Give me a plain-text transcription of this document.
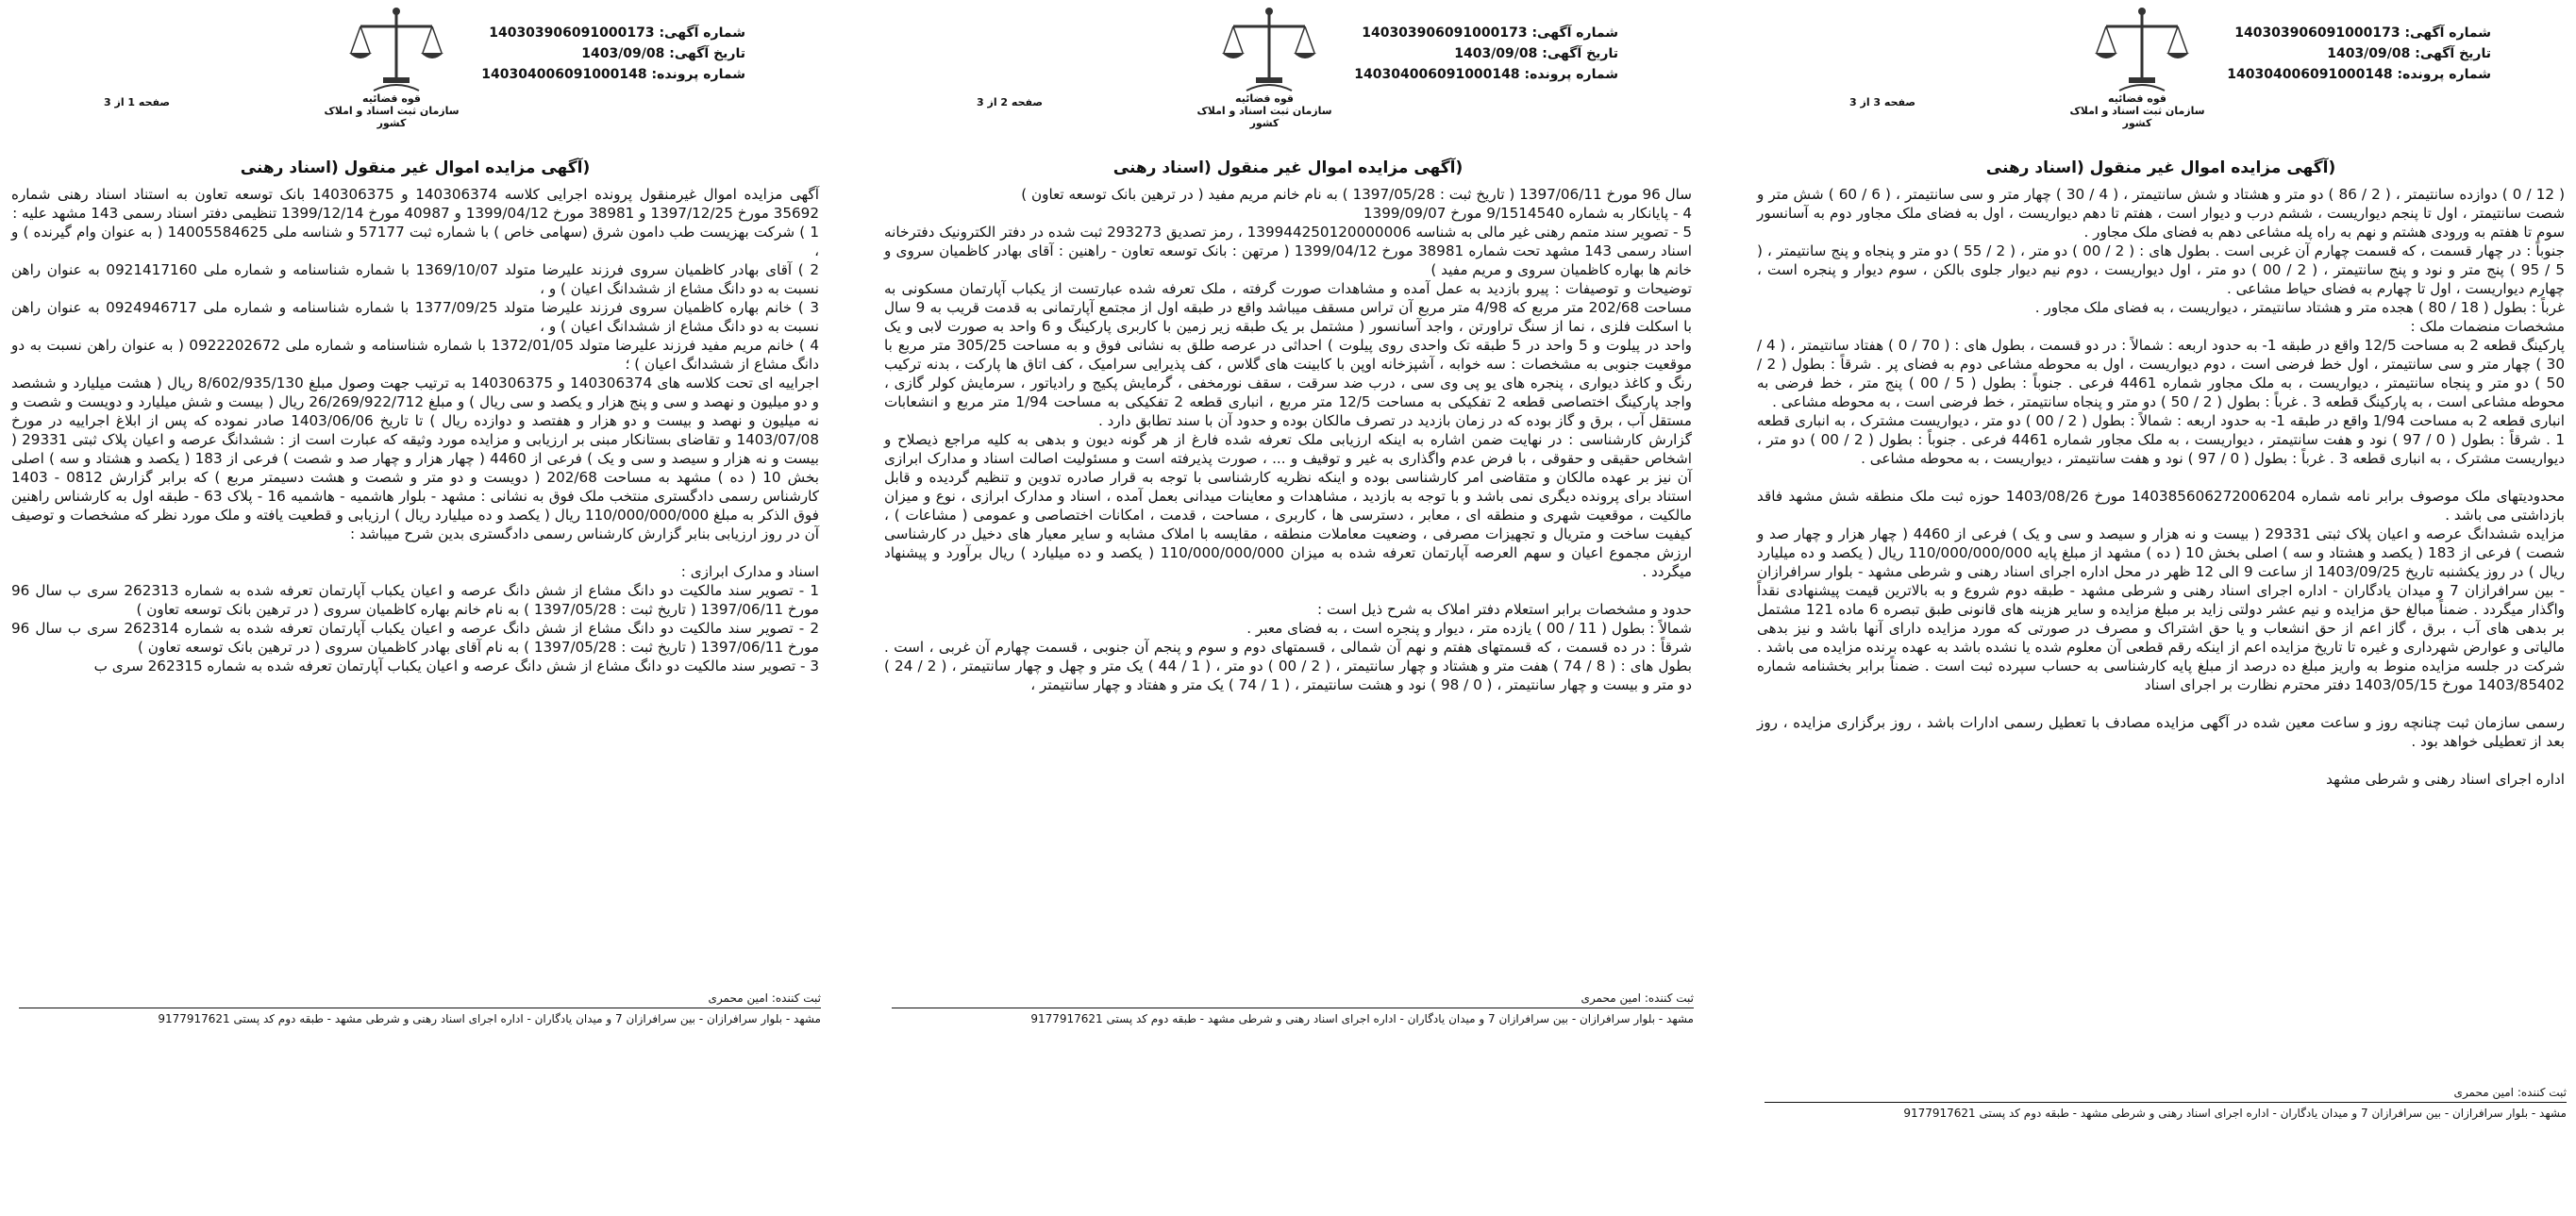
شماره آگهی: 140303906091000173
تاریخ آگهی: 1403/09/08
شماره پرونده: 140304006091000148
قوه قضائیه
سازمان ثبت اسناد و املاک کشور
صفحه 1 از 3
(آگهی مزایده اموال غیر منقول (اسناد رهنی

آگهی مزایده اموال غیرمنقول پرونده اجرایی کلاسه 140306374 و 140306375 بانک توسعه تعاون به استناد اسناد رهنی شماره 35692 مورخ 1397/12/25 و 38981 مورخ 1399/04/12 و 40987 مورخ 1399/12/14 تنظیمی دفتر اسناد رسمی 143 مشهد علیه :

1 ) شرکت بهزیست طب دامون شرق (سهامی خاص ) با شماره ثبت 57177 و شناسه ملی 14005584625 ( به عنوان وام گیرنده ) و ،

2 ) آقای بهادر کاظمیان سروی فرزند علیرضا متولد 1369/10/07 با شماره شناسنامه و شماره ملی 0921417160 به عنوان راهن نسبت به دو دانگ مشاع از ششدانگ اعیان ) و ،

3 ) خانم بهاره کاظمیان سروی فرزند علیرضا متولد 1377/09/25 با شماره شناسنامه و شماره ملی 0924946717 به عنوان راهن نسبت به دو دانگ مشاع از ششدانگ اعیان ) و ،

4 ) خانم مریم مفید فرزند علیرضا متولد 1372/01/05 با شماره شناسنامه و شماره ملی 0922202672 ( به عنوان راهن نسبت به دو دانگ مشاع از ششدانگ اعیان ) ؛

اجراییه ای تحت کلاسه های 140306374 و 140306375 به ترتیب جهت وصول مبلغ 8/602/935/130 ریال ( هشت میلیارد و ششصد و دو میلیون و نهصد و سی و پنج هزار و یکصد و سی ریال ) و مبلغ 26/269/922/712 ریال ( بیست و شش میلیارد و دویست و شصت و نه میلیون و نهصد و بیست و دو هزار و هفتصد و دوازده ریال ) تا تاریخ 1403/06/06 صادر نموده که پس از ابلاغ اجراییه در مورخ 1403/07/08 و تقاضای بستانکار مبنی بر ارزیابی و مزایده مورد وثیقه که عبارت است از : ششدانگ عرصه و اعیان پلاک ثبتی 29331 ( بیست و نه هزار و سیصد و سی و یک ) فرعی از 4460 ( چهار هزار و چهار صد و شصت ) فرعی از 183 ( یکصد و هشتاد و سه ) اصلی بخش 10 ( ده ) مشهد به مساحت 202/68 ( دویست و دو متر و شصت و هشت دسیمتر مربع ) که برابر گزارش 0812 - 1403 کارشناس رسمی دادگستری منتخب ملک فوق به نشانی : مشهد - بلوار هاشمیه - هاشمیه 16 - پلاک 63 - طبقه اول به کارشناس راهنین فوق الذکر به مبلغ 110/000/000/000 ریال ( یکصد و ده میلیارد ریال ) ارزیابی و قطعیت یافته و ملک مورد نظر که مشخصات و توصیف آن در روز ارزیابی بنابر گزارش کارشناس رسمی دادگستری بدین شرح میباشد :

اسناد و مدارک ابرازی :

1 - تصویر سند مالکیت دو دانگ مشاع از شش دانگ عرصه و اعیان یکباب آپارتمان تعرفه شده به شماره 262313 سری ب سال 96 مورخ 1397/06/11 ( تاریخ ثبت : 1397/05/28 ) به نام خانم بهاره کاظمیان سروی ( در ترهین بانک توسعه تعاون )

2 - تصویر سند مالکیت دو دانگ مشاع از شش دانگ عرصه و اعیان یکباب آپارتمان تعرفه شده به شماره 262314 سری ب سال 96 مورخ 1397/06/11 ( تاریخ ثبت : 1397/05/28 ) به نام آقای بهادر کاظمیان سروی ( در ترهین بانک توسعه تعاون )

3 - تصویر سند مالکیت دو دانگ مشاع از شش دانگ عرصه و اعیان یکباب آپارتمان تعرفه شده به شماره 262315 سری ب

ثبت کننده: امین محمری
مشهد - بلوار سرافرازان - بین سرافرازان 7 و میدان یادگاران - اداره اجرای اسناد رهنی و شرطی مشهد - طبقه دوم کد پستی 9177917621
شماره آگهی: 140303906091000173
تاریخ آگهی: 1403/09/08
شماره پرونده: 140304006091000148
قوه قضائیه
سازمان ثبت اسناد و املاک کشور
صفحه 2 از 3
(آگهی مزایده اموال غیر منقول (اسناد رهنی

سال 96 مورخ 1397/06/11 ( تاریخ ثبت : 1397/05/28 ) به نام خانم مریم مفید ( در ترهین بانک توسعه تعاون )

4 - پایانکار به شماره 9/1514540 مورخ 1399/09/07

5 - تصویر سند متمم رهنی غیر مالی به شناسه 139944250120000006 ، رمز تصدیق 293273 ثبت شده در دفتر الکترونیک دفترخانه اسناد رسمی 143 مشهد تحت شماره 38981 مورخ 1399/04/12 ( مرتهن : بانک توسعه تعاون - راهنین : آقای بهادر کاظمیان سروی و خانم ها بهاره کاظمیان سروی و مریم مفید )

توضیحات و توصیفات : پیرو بازدید به عمل آمده و مشاهدات صورت گرفته ، ملک تعرفه شده عبارتست از یکباب آپارتمان مسکونی به مساحت 202/68 متر مربع که 4/98 متر مربع آن تراس مسقف میباشد واقع در طبقه اول از مجتمع آپارتمانی به قدمت قریب به 9 سال با اسکلت فلزی ، نما از سنگ تراورتن ، واجد آسانسور ( مشتمل بر یک طبقه زیر زمین با کاربری پارکینگ و 6 واحد به صورت لابی و یک واحد در پیلوت و 5 واحد در 5 طبقه تک واحدی روی پیلوت ) احداثی در عرصه طلق به نشانی فوق و به مساحت 305/25 متر مربع با موقعیت جنوبی به مشخصات : سه خوابه ، آشپزخانه اوپن با کابینت های گلاس ، کف پذیرایی سرامیک ، کف اتاق ها پارکت ، بدنه ترکیب رنگ و کاغذ دیواری ، پنجره های یو پی وی سی ، درب ضد سرقت ، سقف نورمخفی ، گرمایش پکیج و رادیاتور ، سرمایش کولر گازی ، واجد پارکینگ اختصاصی قطعه 2 تفکیکی به مساحت 12/5 متر مربع ، انباری قطعه 2 تفکیکی به مساحت 1/94 متر مربع و انشعابات مستقل آب ، برق و گاز بوده که در زمان بازدید در تصرف مالکان بوده و حدود آن با سند تطابق دارد .

گزارش کارشناسی : در نهایت ضمن اشاره به اینکه ارزیابی ملک تعرفه شده فارغ از هر گونه دیون و بدهی به کلیه مراجع ذیصلاح و اشخاص حقیقی و حقوقی ، با فرض عدم واگذاری به غیر و توقیف و ... ، صورت پذیرفته است و مسئولیت اصالت اسناد و مدارک ابرازی آن نیز بر عهده مالکان و متقاضی امر کارشناسی بوده و اینکه نظریه کارشناسی با توجه به قرار صادره تدوین و تنظیم گردیده و قابل استناد برای پرونده دیگری نمی باشد و با توجه به بازدید ، مشاهدات و معاینات میدانی بعمل آمده ، اسناد و مدارک ابرازی ، نوع و میزان مالکیت ، موقعیت شهری و منطقه ای ، معابر ، دسترسی ها ، کاربری ، مساحت ، قدمت ، امکانات اختصاصی و عمومی ( مشاعات ) ، کیفیت ساخت و متریال و تجهیزات مصرفی ، وضعیت معاملات منطقه ، مقایسه با املاک مشابه و سایر معیار های دخیل در کارشناسی ارزش مجموع اعیان و سهم العرصه آپارتمان تعرفه شده به میزان 110/000/000/000 ( یکصد و ده میلیارد ) ریال برآورد و پیشنهاد میگردد .

حدود و مشخصات برابر استعلام دفتر املاک به شرح ذیل است :

شمالاً : بطول ( 11 / 00 ) یازده متر ، دیوار و پنجره است ، به فضای معبر .

شرقاً : در ده قسمت ، که قسمتهای هفتم و نهم آن شمالی ، قسمتهای دوم و سوم و پنجم آن جنوبی ، قسمت چهارم آن غربی ، است . بطول های : ( 8 / 74 ) هفت متر و هشتاد و چهار سانتیمتر ، ( 2 / 00 ) دو متر ، ( 1 / 44 ) یک متر و چهل و چهار سانتیمتر ، ( 2 / 24 ) دو متر و بیست و چهار سانتیمتر ، ( 0 / 98 ) نود و هشت سانتیمتر ، ( 1 / 74 ) یک متر و هفتاد و چهار سانتیمتر ،

ثبت کننده: امین محمری
مشهد - بلوار سرافرازان - بین سرافرازان 7 و میدان یادگاران - اداره اجرای اسناد رهنی و شرطی مشهد - طبقه دوم کد پستی 9177917621
شماره آگهی: 140303906091000173
تاریخ آگهی: 1403/09/08
شماره پرونده: 140304006091000148
قوه قضائیه
سازمان ثبت اسناد و املاک کشور
صفحه 3 از 3
(آگهی مزایده اموال غیر منقول (اسناد رهنی

( 12 / 0 ) دوازده سانتیمتر ، ( 2 / 86 ) دو متر و هشتاد و شش سانتیمتر ، ( 4 / 30 ) چهار متر و سی سانتیمتر ، ( 6 / 60 ) شش متر و شصت سانتیمتر ، اول تا پنجم دیواریست ، ششم درب و دیوار است ، هفتم تا دهم دیواریست ، اول به فضای ملک مجاور دوم به آسانسور سوم تا هفتم به ورودی هشتم و نهم به راه پله مشاعی دهم به فضای ملک مجاور .

جنوباً : در چهار قسمت ، که قسمت چهارم آن غربی است . بطول های : ( 2 / 00 ) دو متر ، ( 2 / 55 ) دو متر و پنجاه و پنج سانتیمتر ، ( 5 / 95 ) پنج متر و نود و پنج سانتیمتر ، ( 2 / 00 ) دو متر ، اول دیواریست ، دوم نیم دیوار جلوی بالکن ، سوم دیوار و پنجره است ، چهارم دیواریست ، اول تا چهارم به فضای حیاط مشاعی .

غرباً : بطول ( 18 / 80 ) هجده متر و هشتاد سانتیمتر ، دیواریست ، به فضای ملک مجاور .

مشخصات منضمات ملک :

پارکینگ قطعه 2 به مساحت 12/5 واقع در طبقه 1- به حدود اربعه : شمالاً : در دو قسمت ، بطول های : ( 70 / 0 ) هفتاد سانتیمتر ، ( 4 / 30 ) چهار متر و سی سانتیمتر ، اول خط فرضی است ، دوم دیواریست ، اول به محوطه مشاعی دوم به فضای پر . شرقاً : بطول ( 2 / 50 ) دو متر و پنجاه سانتیمتر ، دیواریست ، به ملک مجاور شماره 4461 فرعی . جنوباً : بطول ( 5 / 00 ) پنج متر ، خط فرضی به محوطه مشاعی است ، به پارکینگ قطعه 3 . غرباً : بطول ( 2 / 50 ) دو متر و پنجاه سانتیمتر ، خط فرضی است ، به محوطه مشاعی .

انباری قطعه 2 به مساحت 1/94 واقع در طبقه 1- به حدود اربعه : شمالاً : بطول ( 2 / 00 ) دو متر ، دیواریست مشترک ، به انباری قطعه 1 . شرقاً : بطول ( 0 / 97 ) نود و هفت سانتیمتر ، دیواریست ، به ملک مجاور شماره 4461 فرعی . جنوباً : بطول ( 2 / 00 ) دو متر ، دیواریست مشترک ، به انباری قطعه 3 . غرباً : بطول ( 0 / 97 ) نود و هفت سانتیمتر ، دیواریست ، به محوطه مشاعی .

محدودیتهای ملک موصوف برابر نامه شماره 140385606272006204 مورخ 1403/08/26 حوزه ثبت ملک منطقه شش مشهد فاقد بازداشتی می باشد .

مزایده ششدانگ عرصه و اعیان پلاک ثبتی 29331 ( بیست و نه هزار و سیصد و سی و یک ) فرعی از 4460 ( چهار هزار و چهار صد و شصت ) فرعی از 183 ( یکصد و هشتاد و سه ) اصلی بخش 10 ( ده ) مشهد از مبلغ پایه 110/000/000/000 ریال ( یکصد و ده میلیارد ریال ) در روز یکشنبه تاریخ 1403/09/25 از ساعت 9 الی 12 ظهر در محل اداره اجرای اسناد رهنی و شرطی مشهد - بلوار سرافرازان - بین سرافرازان 7 و میدان یادگاران - اداره اجرای اسناد رهنی و شرطی مشهد - طبقه دوم شروع و به بالاترین قیمت پیشنهادی نقداً واگذار میگردد . ضمناً مبالغ حق مزایده و نیم عشر دولتی زاید بر مبلغ مزایده و سایر هزینه های قانونی طبق تبصره 6 ماده 121 مشتمل بر بدهی های آب ، برق ، گاز اعم از حق انشعاب و یا حق اشتراک و مصرف در صورتی که مورد مزایده دارای آنها باشد و نیز بدهی مالیاتی و عوارض شهرداری و غیره تا تاریخ مزایده اعم از اینکه رقم قطعی آن معلوم شده یا نشده باشد به عهده برنده مزایده می باشد . شرکت در جلسه مزایده منوط به واریز مبلغ ده درصد از مبلغ پایه کارشناسی به حساب سپرده ثبت است . ضمناً برابر بخشنامه شماره 1403/85402 مورخ 1403/05/15 دفتر محترم نظارت بر اجرای اسناد

رسمی سازمان ثبت چنانچه روز و ساعت معین شده در آگهی مزایده مصادف با تعطیل رسمی ادارات باشد ، روز برگزاری مزایده ، روز بعد از تعطیلی خواهد بود .

اداره اجرای اسناد رهنی و شرطی مشهد

ثبت کننده: امین محمری
مشهد - بلوار سرافرازان - بین سرافرازان 7 و میدان یادگاران - اداره اجرای اسناد رهنی و شرطی مشهد - طبقه دوم کد پستی 9177917621
